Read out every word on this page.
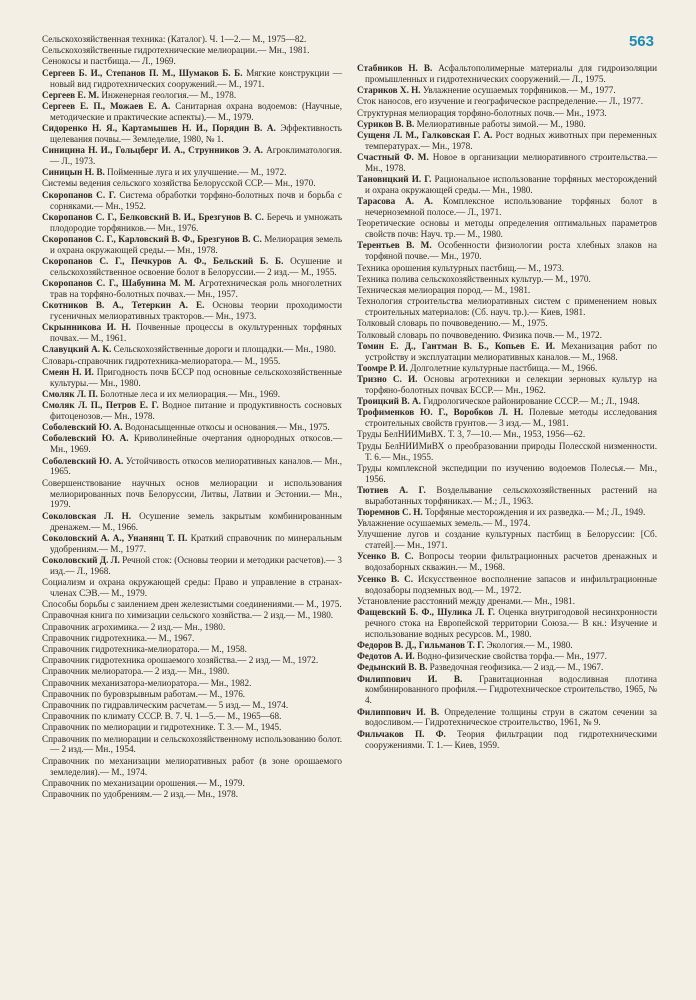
563

Сельскохозяйственная техника: (Каталог). Ч. 1—2.— М., 1975—82.

Сельскохозяйственные гидротехнические мелиорации.— Мн., 1981.

Сенокосы и пастбища.— Л., 1969.

Сергеев Б. И., Степанов П. М., Шумаков Б. Б. Мягкие конструкции — новый вид гидротехнических сооружений.— М., 1971.

Сергеев Е. М. Инженерная геология.— М., 1978.

Сергеев Е. П., Можаев Е. А. Санитарная охрана водоемов: (Научные, методические и практические аспекты).— М., 1979.

Сидоренко Н. Я., Картамышев Н. И., Порядин В. А. Эффективность щелевания почвы.— Земледелие, 1980, № 1.

Синицина Н. И., Гольцберг И. А., Струнников Э. А. Агроклиматология.— Л., 1973.

Синицын Н. В. Пойменные луга и их улучшение.— М., 1972.

Системы ведения сельского хозяйства Белорусской ССР.— Мн., 1970.

Скоропанов С. Г. Система обработки торфяно-болотных почв и борьба с сорняками.— Мн., 1952.

Скоропанов С. Г., Белковский В. И., Брезгунов В. С. Беречь и умножать плодородие торфяников.— Мн., 1976.

Скоропанов С. Г., Карловский В. Ф., Брезгунов В. С. Мелиорация земель и охрана окружающей среды.— Мн., 1978.

Скоропанов С. Г., Печкуров А. Ф., Бельский Б. Б. Осушение и сельскохозяйственное освоение болот в Белоруссии.— 2 изд.— М., 1955.

Скоропанов С. Г., Шабунина М. М. Агротехническая роль многолетних трав на торфяно-болотных почвах.— Мн., 1957.

Скотников В. А., Тетеркин А. Е. Основы теории проходимости гусеничных мелиоративных тракторов.— Мн., 1973.

Скрынникова И. Н. Почвенные процессы в окультуренных торфяных почвах.— М., 1961.

Славуцкий А. К. Сельскохозяйственные дороги и площадки.— Мн., 1980.

Словарь-справочник гидротехника-мелиоратора.— М., 1955.

Смеян Н. И. Пригодность почв БССР под основные сельскохозяйственные культуры.— Мн., 1980.

Смоляк Л. П. Болотные леса и их мелиорация.— Мн., 1969.

Смоляк Л. П., Петров Е. Г. Водное питание и продуктивность сосновых фитоценозов.— Мн., 1978.

Соболевский Ю. А. Водонасыщенные откосы и основания.— Мн., 1975.

Соболевский Ю. А. Криволинейные очертания однородных откосов.— Мн., 1969.

Соболевский Ю. А. Устойчивость откосов мелиоративных каналов.— Мн., 1965.

Совершенствование научных основ мелиорации и использования мелиорированных почв Белоруссии, Литвы, Латвии и Эстонии.— Мн., 1979.

Соколовская Л. Н. Осушение земель закрытым комбинированным дренажем.— М., 1966.

Соколовский А. А., Унанянц Т. П. Краткий справочник по минеральным удобрениям.— М., 1977.

Соколовский Д. Л. Речной сток: (Основы теории и методики расчетов).— 3 изд.— Л., 1968.

Социализм и охрана окружающей среды: Право и управление в странах-членах СЭВ.— М., 1979.

Способы борьбы с заилением дрен железистыми соединениями.— М., 1975.

Справочная книга по химизации сельского хозяйства.— 2 изд.— М., 1980.

Справочник агрохимика.— 2 изд.— Мн., 1980.

Справочник гидротехника.— М., 1967.

Справочник гидротехника-мелиоратора.— М., 1958.

Справочник гидротехника орошаемого хозяйства.— 2 изд.— М., 1972.

Справочник мелиоратора.— 2 изд.— Мн., 1980.

Справочник механизатора-мелиоратора.— Мн., 1982.

Справочник по буровзрывным работам.— М., 1976.

Справочник по гидравлическим расчетам.— 5 изд.— М., 1974.

Справочник по климату СССР. В. 7. Ч. 1—5.— М., 1965—68.

Справочник по мелиорации и гидротехнике. Т. 3.— М., 1945.

Справочник по мелиорации и сельскохозяйственному использованию болот.— 2 изд.— Мн., 1954.

Справочник по механизации мелиоративных работ (в зоне орошаемого земледелия).— М., 1974.

Справочник по механизации орошения.— М., 1979.

Справочник по удобрениям.— 2 изд.— Мн., 1978.

Стабников Н. В. Асфальтополимерные материалы для гидроизоляции промышленных и гидротехнических сооружений.— Л., 1975.

Стариков Х. Н. Увлажнение осушаемых торфяников.— М., 1977.

Сток наносов, его изучение и географическое распределение.— Л., 1977.

Структурная мелиорация торфяно-болотных почв.— Мн., 1973.

Суриков В. В. Мелиоративные работы зимой.— М., 1980.

Сущеня Л. М., Галковская Г. А. Рост водных животных при переменных температурах.— Мн., 1978.

Счастный Ф. М. Новое в организации мелиоративного строительства.— Мн., 1978.

Тановицкий И. Г. Рациональное использование торфяных месторождений и охрана окружающей среды.— Мн., 1980.

Тарасова А. А. Комплексное использование торфяных болот в нечерноземной полосе.— Л., 1971.

Теоретические основы и методы определения оптимальных параметров свойств почв: Науч. тр.— М., 1980.

Терентьев В. М. Особенности физиологии роста хлебных злаков на торфяной почве.— Мн., 1970.

Техника орошения культурных пастбищ.— М., 1973.

Техника полива сельскохозяйственных культур.— М., 1970.

Техническая мелиорация пород.— М., 1981.

Технология строительства мелиоративных систем с применением новых строительных материалов: (Сб. науч. тр.).— Киев, 1981.

Толковый словарь по почвоведению.— М., 1975.

Толковый словарь по почвоведению. Физика почв.— М., 1972.

Томин Е. Д., Гантман В. Б., Копьев Е. И. Механизация работ по устройству и эксплуатации мелиоративных каналов.— М., 1968.

Тоомре Р. И. Долголетние культурные пастбища.— М., 1966.

Тризно С. И. Основы агротехники и селекции зерновых культур на торфяно-болотных почвах БССР.— Мн., 1962.

Троицкий В. А. Гидрологическое районирование СССР.— М.; Л., 1948.

Трофименков Ю. Г., Воробков Л. Н. Полевые методы исследования строительных свойств грунтов.— 3 изд.— М., 1981.

Труды БелНИИМиВХ. Т. 3, 7—10.— Мн., 1953, 1956—62.

Труды БелНИИМиВХ о преобразовании природы Полесской низменности. Т. 6.— Мн., 1955.

Труды комплексной экспедиции по изучению водоемов Полесья.— Мн., 1956.

Тютиев А. Г. Возделывание сельскохозяйственных растений на выработанных торфяниках.— М.; Л., 1963.

Тюремнов С. Н. Торфяные месторождения и их разведка.— М.; Л., 1949.

Увлажнение осушаемых земель.— М., 1974.

Улучшение лугов и создание культурных пастбищ в Белоруссии: [Сб. статей].— Мн., 1971.

Усенко В. С. Вопросы теории фильтрационных расчетов дренажных и водозаборных скважин.— М., 1968.

Усенко В. С. Искусственное восполнение запасов и инфильтрационные водозаборы подземных вод.— М., 1972.

Установление расстояний между дренами.— Мн., 1981.

Фащевский Б. Ф., Шулика Л. Г. Оценка внутригодовой несинхронности речного стока на Европейской территории Союза.— В кн.: Изучение и использование водных ресурсов. М., 1980.

Федоров В. Д., Гильманов Т. Г. Экология.— М., 1980.

Федотов А. И. Водно-физические свойства торфа.— Мн., 1977.

Федынский В. В. Разведочная геофизика.— 2 изд.— М., 1967.

Филиппович И. В. Гравитационная водосливная плотина комбинированного профиля.— Гидротехническое строительство, 1965, № 4.

Филиппович И. В. Определение толщины струи в сжатом сечении за водосливом.— Гидротехническое строительство, 1961, № 9.

Фильчаков П. Ф. Теория фильтрации под гидротехническими сооружениями. Т. 1.— Киев, 1959.
